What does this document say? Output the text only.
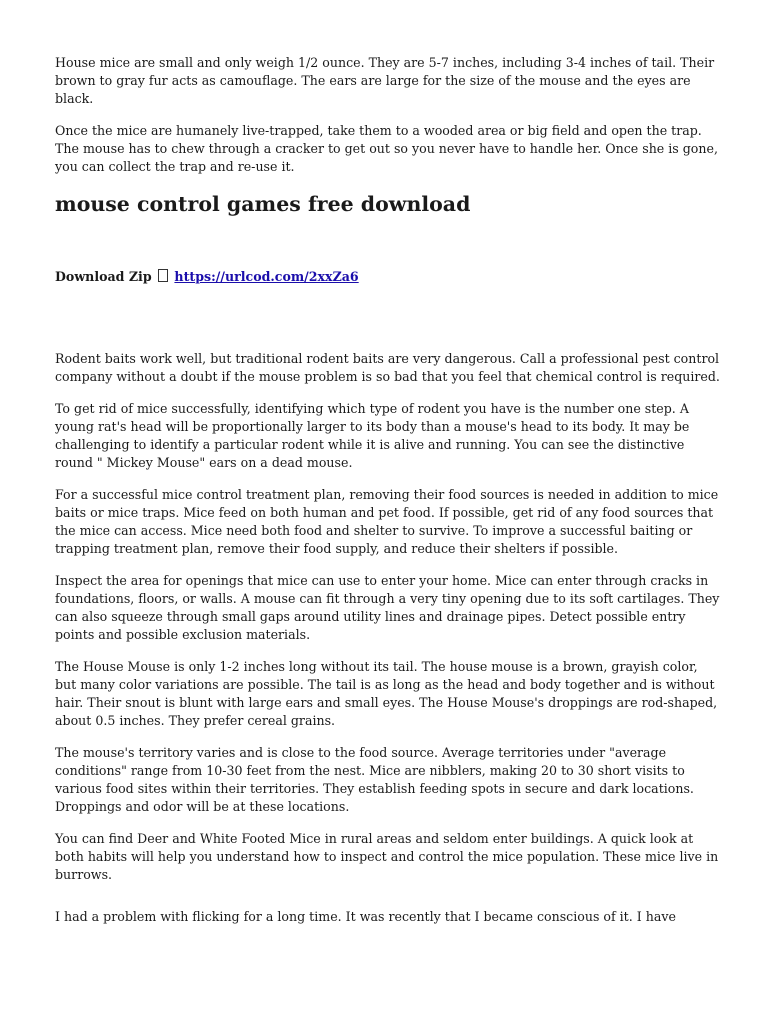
House mice are small and only weigh 1/2 ounce. They are 5-7 inches, including 3-4 inches of tail. Their brown to gray fur acts as camouflage. The ears are large for the size of the mouse and the eyes are black.

Once the mice are humanely live-trapped, take them to a wooded area or big field and open the trap. The mouse has to chew through a cracker to get out so you never have to handle her. Once she is gone, you can collect the trap and re-use it.

mouse control games free download
Download Zip https://urlcod.com/2xxZa6

Rodent baits work well, but traditional rodent baits are very dangerous. Call a professional pest control company without a doubt if the mouse problem is so bad that you feel that chemical control is required.

To get rid of mice successfully, identifying which type of rodent you have is the number one step. A young rat's head will be proportionally larger to its body than a mouse's head to its body. It may be challenging to identify a particular rodent while it is alive and running. You can see the distinctive round " Mickey Mouse" ears on a dead mouse.

For a successful mice control treatment plan, removing their food sources is needed in addition to mice baits or mice traps. Mice feed on both human and pet food. If possible, get rid of any food sources that the mice can access. Mice need both food and shelter to survive. To improve a successful baiting or trapping treatment plan, remove their food supply, and reduce their shelters if possible.

Inspect the area for openings that mice can use to enter your home. Mice can enter through cracks in foundations, floors, or walls. A mouse can fit through a very tiny opening due to its soft cartilages. They can also squeeze through small gaps around utility lines and drainage pipes. Detect possible entry points and possible exclusion materials.

The House Mouse is only 1-2 inches long without its tail. The house mouse is a brown, grayish color, but many color variations are possible. The tail is as long as the head and body together and is without hair. Their snout is blunt with large ears and small eyes. The House Mouse's droppings are rod-shaped, about 0.5 inches. They prefer cereal grains.

The mouse's territory varies and is close to the food source. Average territories under "average conditions" range from 10-30 feet from the nest. Mice are nibblers, making 20 to 30 short visits to various food sites within their territories. They establish feeding spots in secure and dark locations. Droppings and odor will be at these locations.

You can find Deer and White Footed Mice in rural areas and seldom enter buildings. A quick look at both habits will help you understand how to inspect and control the mice population. These mice live in burrows.

I had a problem with flicking for a long time. It was recently that I became conscious of it. I have
